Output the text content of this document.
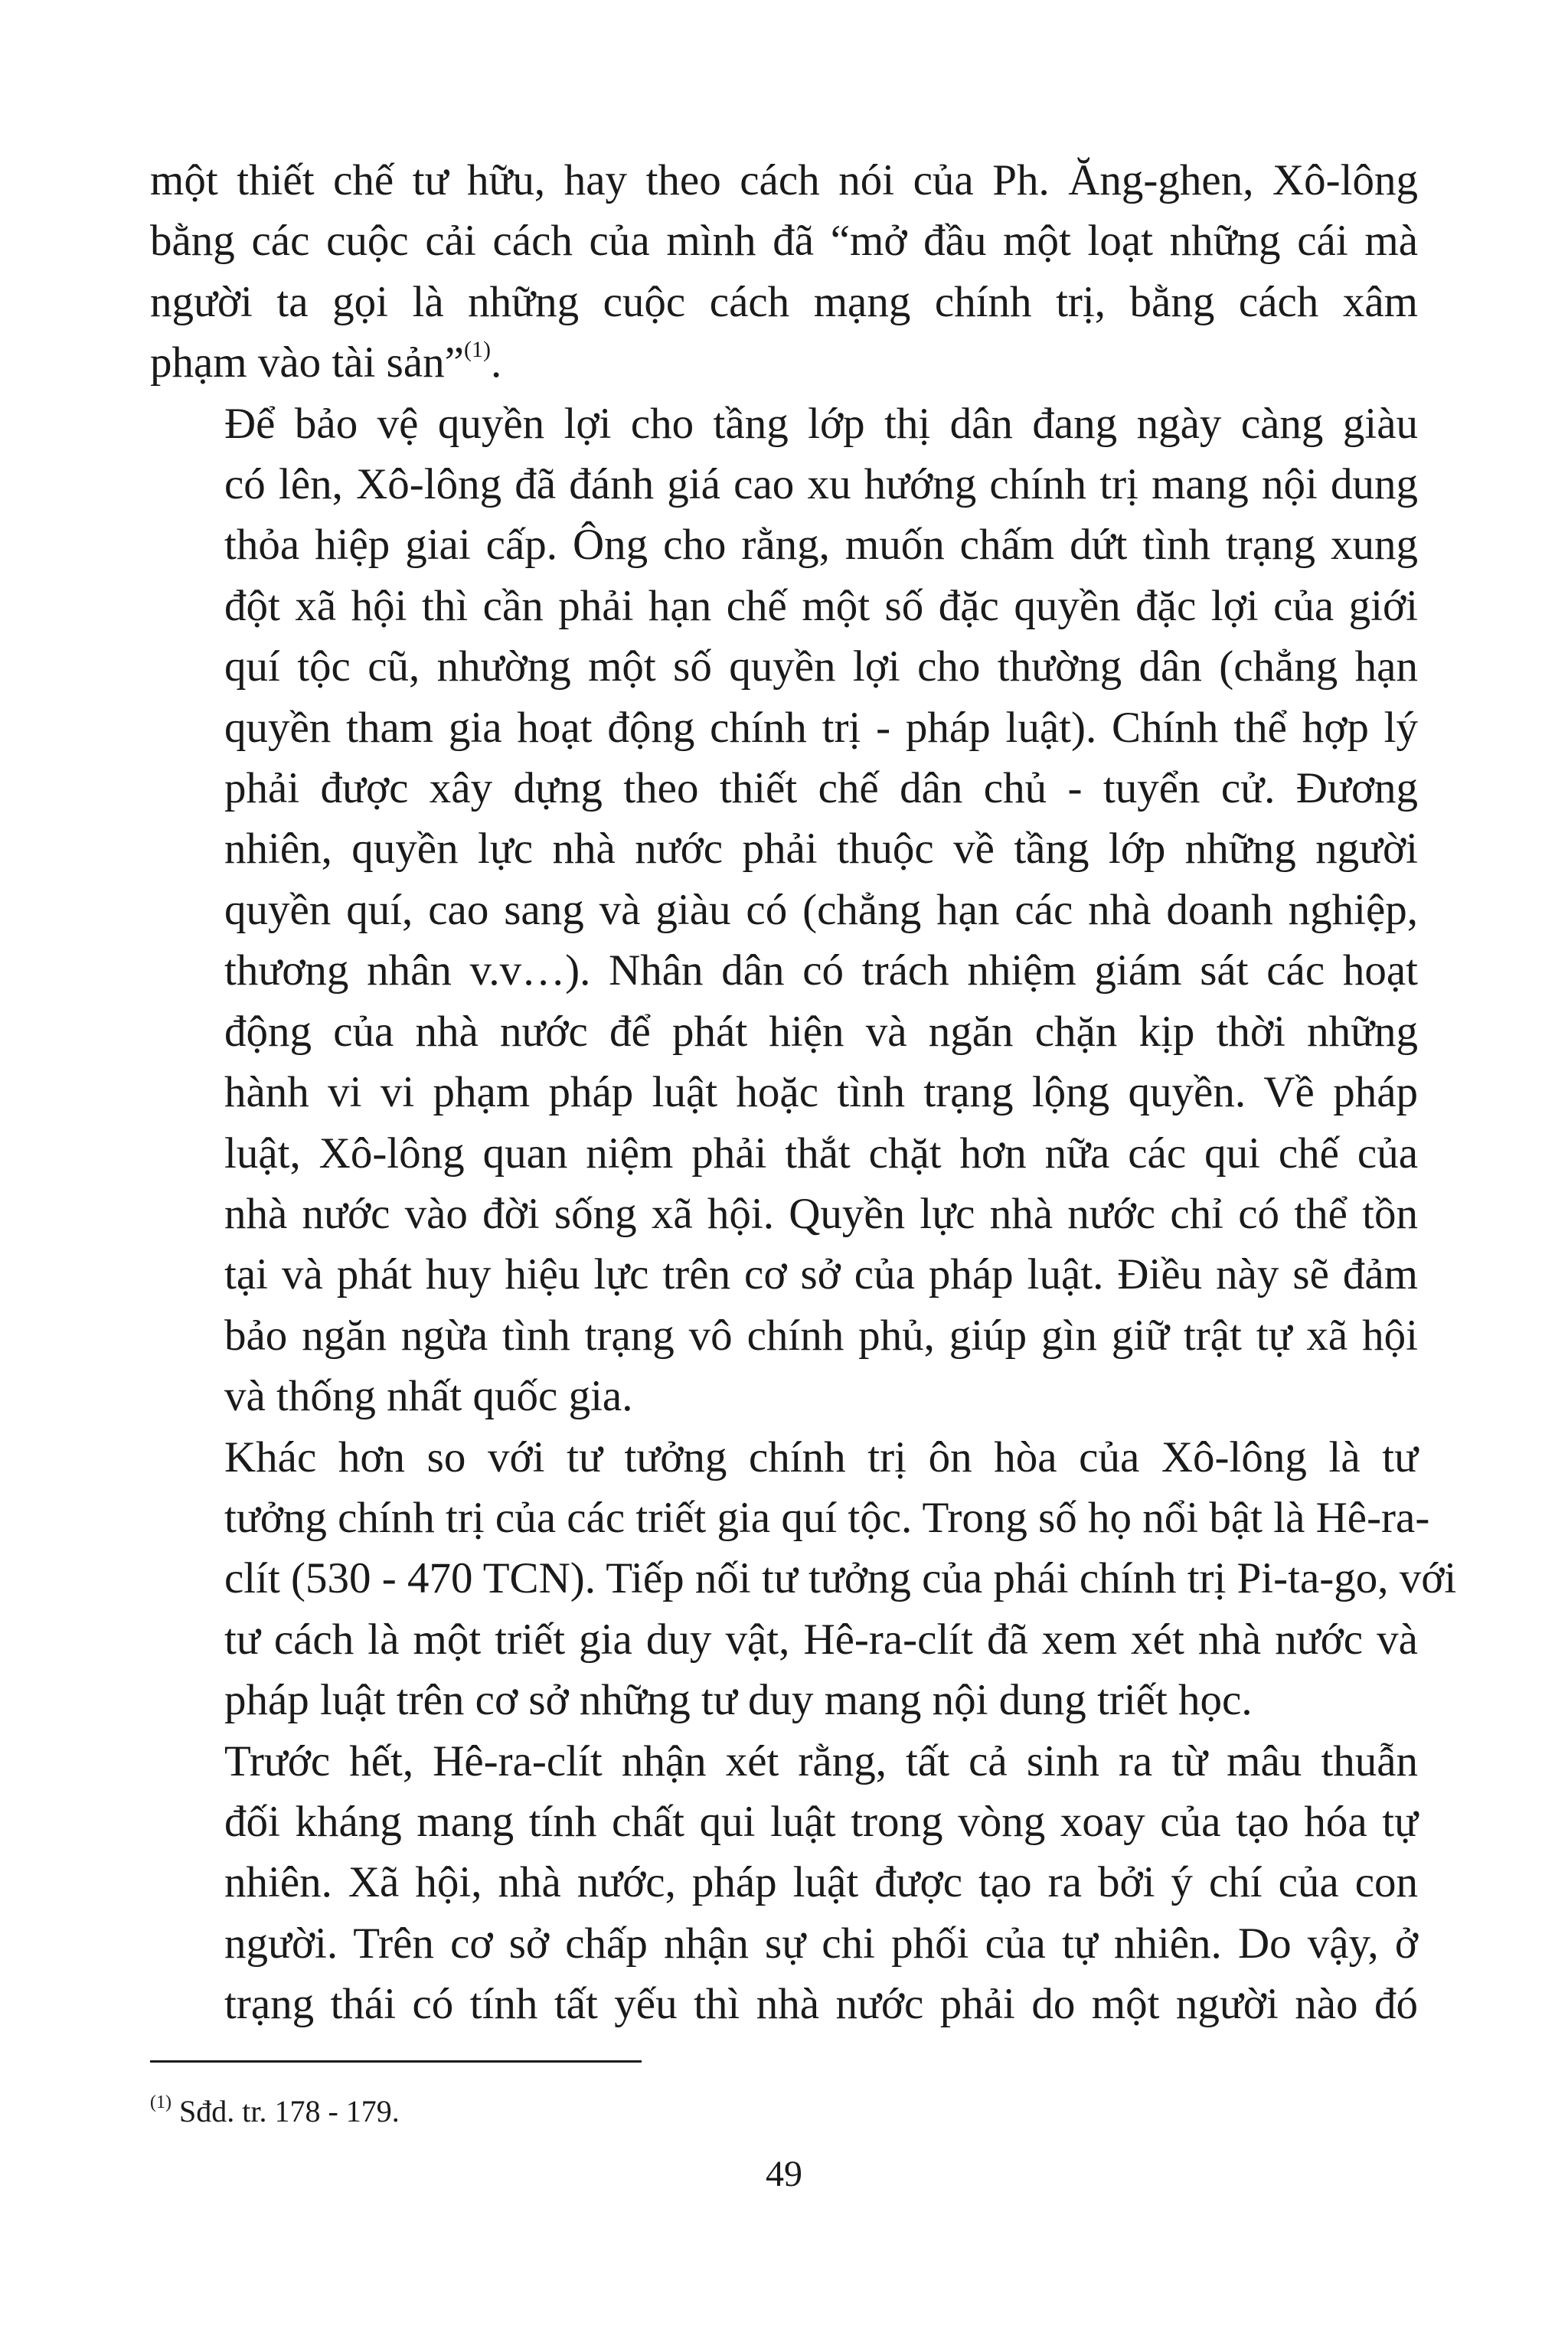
một thiết chế tư hữu, hay theo cách nói của Ph. Ăng-ghen, Xô-lông
bằng các cuộc cải cách của mình đã “mở đầu một loạt những cái mà
người ta gọi là những cuộc cách mạng chính trị, bằng cách xâm
phạm vào tài sản”$^{(1)}$.

Để bảo vệ quyền lợi cho tầng lớp thị dân đang ngày càng giàu
có lên, Xô-lông đã đánh giá cao xu hướng chính trị mang nội dung
thỏa hiệp giai cấp. Ông cho rằng, muốn chấm dứt tình trạng xung
đột xã hội thì cần phải hạn chế một số đặc quyền đặc lợi của giới
quí tộc cũ, nhường một số quyền lợi cho thường dân (chẳng hạn
quyền tham gia hoạt động chính trị - pháp luật). Chính thể hợp lý
phải được xây dựng theo thiết chế dân chủ - tuyển cử. Đương
nhiên, quyền lực nhà nước phải thuộc về tầng lớp những người
quyền quí, cao sang và giàu có (chẳng hạn các nhà doanh nghiệp,
thương nhân v.v…). Nhân dân có trách nhiệm giám sát các hoạt
động của nhà nước để phát hiện và ngăn chặn kịp thời những
hành vi vi phạm pháp luật hoặc tình trạng lộng quyền. Về pháp
luật, Xô-lông quan niệm phải thắt chặt hơn nữa các qui chế của
nhà nước vào đời sống xã hội. Quyền lực nhà nước chỉ có thể tồn
tại và phát huy hiệu lực trên cơ sở của pháp luật. Điều này sẽ đảm
bảo ngăn ngừa tình trạng vô chính phủ, giúp gìn giữ trật tự xã hội
và thống nhất quốc gia.

Khác hơn so với tư tưởng chính trị ôn hòa của Xô-lông là tư
tưởng chính trị của các triết gia quí tộc. Trong số họ nổi bật là Hê-ra-
clít (530 - 470 TCN). Tiếp nối tư tưởng của phái chính trị Pi-ta-go, với
tư cách là một triết gia duy vật, Hê-ra-clít đã xem xét nhà nước và
pháp luật trên cơ sở những tư duy mang nội dung triết học.

Trước hết, Hê-ra-clít nhận xét rằng, tất cả sinh ra từ mâu thuẫn
đối kháng mang tính chất qui luật trong vòng xoay của tạo hóa tự
nhiên. Xã hội, nhà nước, pháp luật được tạo ra bởi ý chí của con
người. Trên cơ sở chấp nhận sự chi phối của tự nhiên. Do vậy, ở
trạng thái có tính tất yếu thì nhà nước phải do một người nào đó

$^{(1)}$ Sđd. tr. 178 - 179.
49
